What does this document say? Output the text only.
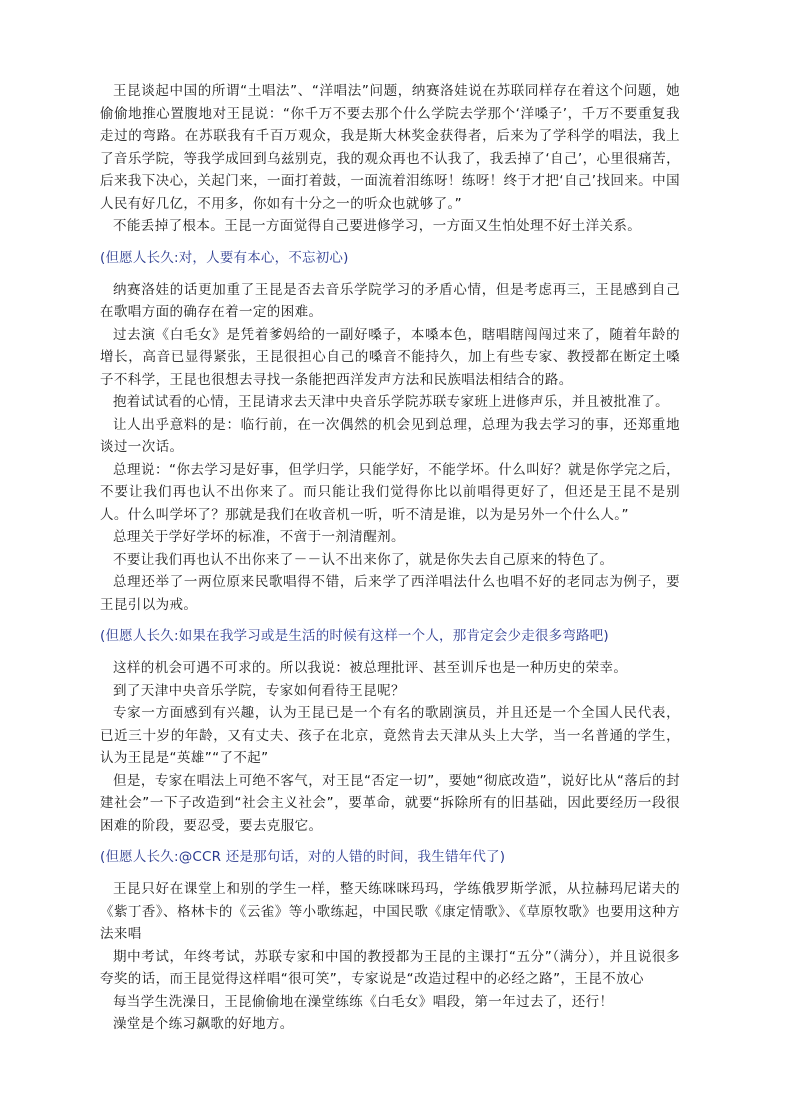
王昆谈起中国的所谓“土唱法”、“洋唱法”问题，纳赛洛娃说在苏联同样存在着这个问题，她偷偷地推心置腹地对王昆说：“你千万不要去那个什么学院去学那个‘洋嗓子’，千万不要重复我走过的弯路。在苏联我有千百万观众，我是斯大林奖金获得者，后来为了学科学的唱法，我上了音乐学院，等我学成回到乌兹别克，我的观众再也不认我了，我丢掉了‘自己’，心里很痛苦，后来我下决心，关起门来，一面打着鼓，一面流着泪练呀！练呀！终于才把‘自己’找回来。中国人民有好几亿，不用多，你如有十分之一的听众也就够了。”

不能丢掉了根本。王昆一方面觉得自己要进修学习，一方面又生怕处理不好土洋关系。

(但愿人长久:对，人要有本心，不忘初心)

纳赛洛娃的话更加重了王昆是否去音乐学院学习的矛盾心情，但是考虑再三，王昆感到自己在歌唱方面的确存在着一定的困难。

过去演《白毛女》是凭着爹妈给的一副好嗓子，本嗓本色，瞎唱瞎闯闯过来了，随着年龄的增长，高音已显得紧张，王昆很担心自己的嗓音不能持久，加上有些专家、教授都在断定土嗓子不科学，王昆也很想去寻找一条能把西洋发声方法和民族唱法相结合的路。

抱着试试看的心情，王昆请求去天津中央音乐学院苏联专家班上进修声乐，并且被批准了。

让人出乎意料的是：临行前，在一次偶然的机会见到总理，总理为我去学习的事，还郑重地谈过一次话。

总理说：“你去学习是好事，但学归学，只能学好，不能学坏。什么叫好？就是你学完之后，不要让我们再也认不出你来了。而只能让我们觉得你比以前唱得更好了，但还是王昆不是别人。什么叫学坏了？那就是我们在收音机一听，听不清是谁，以为是另外一个什么人。”

总理关于学好学坏的标准，不啻于一剂清醒剂。

不要让我们再也认不出你来了－－认不出来你了，就是你失去自己原来的特色了。

总理还举了一两位原来民歌唱得不错，后来学了西洋唱法什么也唱不好的老同志为例子，要王昆引以为戒。

(但愿人长久:如果在我学习或是生活的时候有这样一个人，那肯定会少走很多弯路吧)

这样的机会可遇不可求的。所以我说：被总理批评、甚至训斥也是一种历史的荣幸。

到了天津中央音乐学院，专家如何看待王昆呢？

专家一方面感到有兴趣，认为王昆已是一个有名的歌剧演员，并且还是一个全国人民代表，已近三十岁的年龄，又有丈夫、孩子在北京，竟然肯去天津从头上大学，当一名普通的学生，认为王昆是“英雄”“了不起”

但是，专家在唱法上可绝不客气，对王昆“否定一切”，要她“彻底改造”，说好比从“落后的封建社会”一下子改造到“社会主义社会”，要革命，就要“拆除所有的旧基础，因此要经历一段很困难的阶段，要忍受，要去克服它。

(但愿人长久:@CCR 还是那句话，对的人错的时间，我生错年代了)

王昆只好在课堂上和别的学生一样，整天练咪咪玛玛，学练俄罗斯学派，从拉赫玛尼诺夫的《紫丁香》、格林卡的《云雀》等小歌练起，中国民歌《康定情歌》、《草原牧歌》也要用这种方法来唱

期中考试，年终考试，苏联专家和中国的教授都为王昆的主课打“五分”（满分），并且说很多夸奖的话，而王昆觉得这样唱“很可笑”，专家说是“改造过程中的必经之路”，王昆不放心

每当学生洗澡日，王昆偷偷地在澡堂练练《白毛女》唱段，第一年过去了，还行！

澡堂是个练习飙歌的好地方。
